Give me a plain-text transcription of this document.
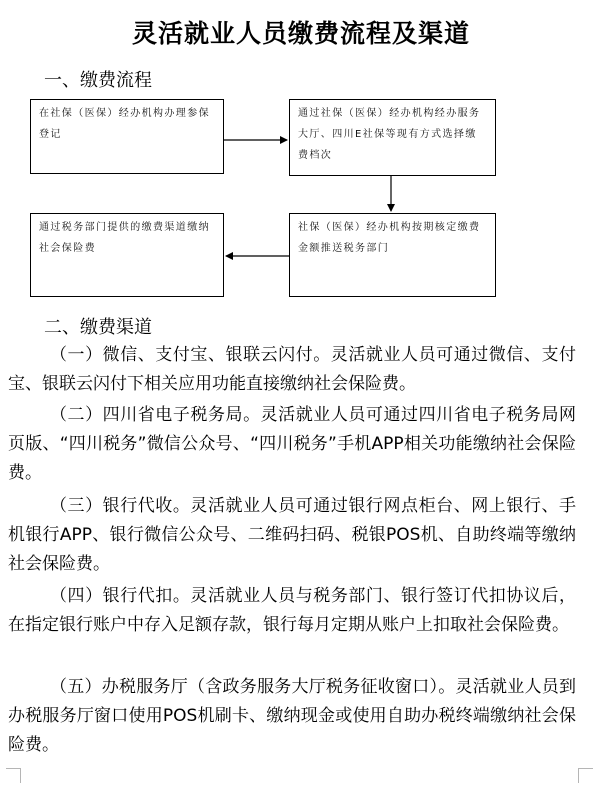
灵活就业人员缴费流程及渠道
一、缴费流程
在社保（医保）经办机构办理参保登记
通过社保（医保）经办机构经办服务大厅、四川E社保等现有方式选择缴费档次
社保（医保）经办机构按期核定缴费金额推送税务部门
通过税务部门提供的缴费渠道缴纳社会保险费
二、缴费渠道

（一）微信、支付宝、银联云闪付。灵活就业人员可通过微信、支付宝、银联云闪付下相关应用功能直接缴纳社会保险费。

（二）四川省电子税务局。灵活就业人员可通过四川省电子税务局网页版、“四川税务”微信公众号、“四川税务”手机APP相关功能缴纳社会保险费。

（三）银行代收。灵活就业人员可通过银行网点柜台、网上银行、手机银行APP、银行微信公众号、二维码扫码、税银POS机、自助终端等缴纳社会保险费。

（四）银行代扣。灵活就业人员与税务部门、银行签订代扣协议后，在指定银行账户中存入足额存款，银行每月定期从账户上扣取社会保险费。

（五）办税服务厅（含政务服务大厅税务征收窗口）。灵活就业人员到办税服务厅窗口使用POS机刷卡、缴纳现金或使用自助办税终端缴纳社会保险费。
